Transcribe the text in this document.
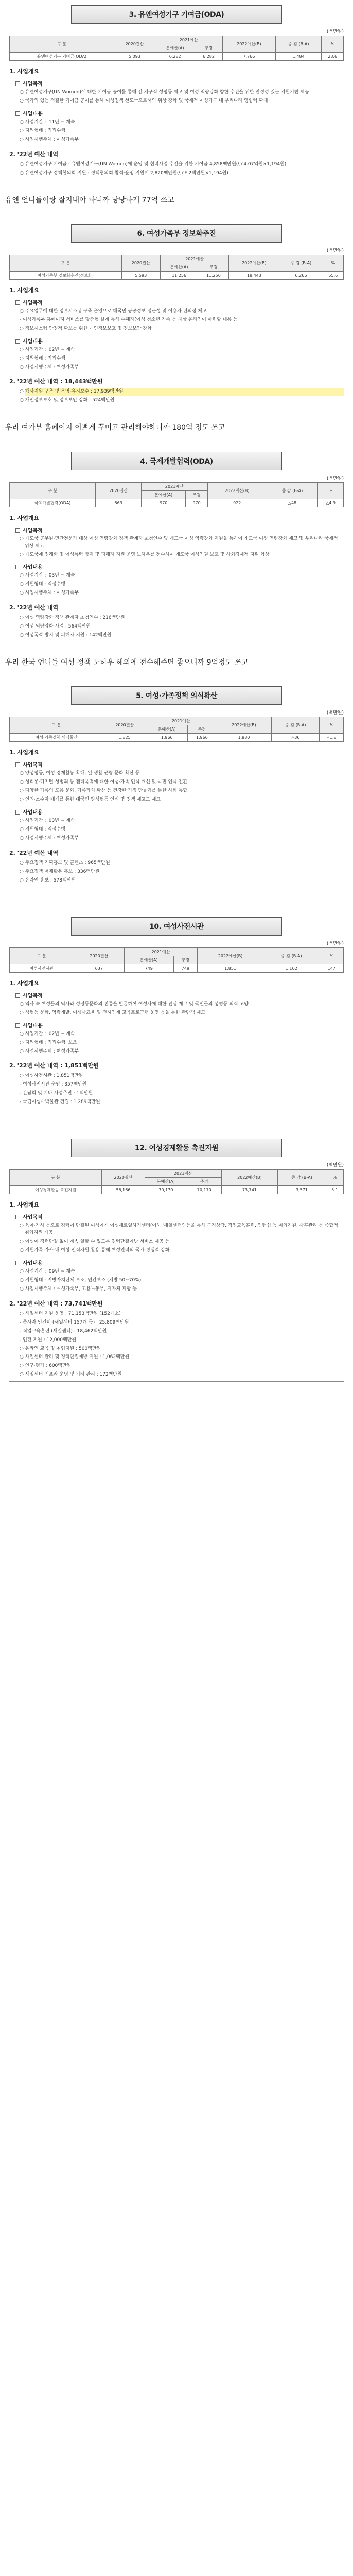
3. 유엔여성기구 기여금(ODA)
(백만원)
구 분	2020결산	2021예산		2022예산(B)	증 감 (B-A)	%
		본예산(A)	추경			
유엔여성기구 기여금(ODA)	5,093	6,282	6,282	7,766	1,484	23.6
1. 사업개요
사업목적
○ 유엔여성기구(UN Women)에 대한 기여금 공여를 통해 전 지구적 성평등 제고 및 여성 역량강화 향한 추진을 위한 안정성 있는 지원기반 제공
○ 국가의 있는 적절한 기여금 공여를 통해 여성정책 선도국으로서의 위상 강화 및 국제적 여성기구 내 우리나라 영향력 확대
사업내용
○ 사업기간 : '11년 ~ 계속
○ 지원형태 : 직접수행
○ 사업시행주체 : 여성가족부
2. '22년 예산 내역
○ 유엔여성기구 기여금 : 유엔여성기구(UN Women)에 운영 및 협력사업 추진을 위한 기여금 4,858백만원(\'\'4.07억원×1,194원)
○ 유엔여성기구 정책협의회 지원 : 정책협의회 참석·운영 지원비 2,820백만원(\'\'F 2백만원×1,194원)
유엔 언니들이랑 잘지내야 하니까 낭낭하게 77억 쓰고
6. 여성가족부 정보화추진
(백만원)
구 분	2020결산	2021예산		2022예산(B)	증 감 (B-A)	%
		본예산(A)	추경			
여성가족부 정보화추진(정보화)	5,593	11,256	11,256	18,443	6,266	55.6
1. 사업개요
사업목적
○ 주요업무에 대한 정보시스템 구축·운영으로 대국민 공공정보 접근성 및 이용자 편의성 제고
- 여성가족부 홈페이지 서비스를 맞춤형 설계 통해 수혜자(여성·청소년·가족 등 대상 온라인이 마련할 내용 등
○ 정보시스템 안정적 확보를 위한 개인정보보호 및 정보보안 강화
사업내용
○ 사업기간 : '02년 ~ 계속
○ 지원형태 : 직접수행
○ 사업시행주체 : 여성가족부
2. '22년 예산 내역 : 18,443백만원
○ 행사지원 구축 및 운영·유지보수 : 17,939백만원
○ 개인정보보호 및 정보보안 강화 : 524백만원
우리 여가부 홈페이지 이쁘게 꾸미고 관리해야하니까 180억 정도 쓰고
4. 국제개발협력(ODA)
(백만원)
구 분	2020결산	2021예산		2022예산(B)	증 감 (B-A)	%
		본예산(A)	추경			
국제개발협력(ODA)	563	970	970	922	△48	△4.9
1. 사업개요
사업목적
○ 개도국 공무원·민간전문가 대상 여성 역량강화 정책 관계자 초청연수 및 개도국 여성 역량강화 지원을 통하여 개도국 여성 역량강화 제고 및 우리나라 국제적 위상 제고
○ 개도국에 정례화 및 여성폭력 방지 및 피해자 지원 운영 노하우를 전수하여 개도국 여성인권 보호 및 사회경제적 지위 향상
사업내용
○ 사업기간 : '03년 ~ 계속
○ 지원형태 : 직접수행
○ 사업시행주체 : 여성가족부
2. '22년 예산 내역
○ 여성 역량강화 정책 관계자 초청연수 : 216백만원
○ 여성 역량강화 사업 : 564백만원
○ 여성폭력 방지 및 피해자 지원 : 142백만원
우리 한국 언니들 여성 정책 노하우 해외에 전수해주면 좋으니까 9억정도 쓰고
5. 여성·가족정책 의식확산
(백만원)
구 분	2020결산	2021예산		2022예산(B)	증 감 (B-A)	%
		본예산(A)	추경			
여성·가족정책 의식확산	1,825	1,966	1,966	1,930	△36	△1.8
1. 사업개요
사업목적
○ 양성평등, 여성 경제활동 확대, 일·생활 균형 문화 확산 등
○ 성희롱·디지털 성범죄 등 젠더폭력에 대한 여성·가족 인식 개선 및 국민 인식 전환
○ 다양한 가족의 포용 문화, 가족가치 확산 등 건강한 가정 만들기를 통한 사회 통합
○ 인권·소수자 배제를 통한 대국민 양성평등 인식 및 정책 제고도 제고
사업내용
○ 사업기간 : '03년 ~ 계속
○ 지원형태 : 직접수행
○ 사업시행주체 : 여성가족부
2. '22년 예산 내역
○ 주요정책 기획홍보 및 콘텐츠 : 965백만원
○ 주요정책 매체활용 홍보 : 336백만원
○ 온라인 홍보 : 578백만원
10. 여성사전시관
(백만원)
구 분	2020결산	2021예산		2022예산(B)	증 감 (B-A)	%
		본예산(A)	추경			
여성사전시관	637	749	749	1,851	1,102	147
1. 사업개요
사업목적
○ 역사 속 여성들의 역사와 성평등문화의 전통을 발굴하여 여성사에 대한 관심 제고 및 국민들의 성평등 의식 고양
○ 성평등 문화, 역량개발, 여성사교육 및 전시연계 교육프로그램 운영 등을 통한 관람객 제고
사업내용
○ 사업기간 : '02년 ~ 계속
○ 지원형태 : 직접수행, 보조
○ 사업시행주체 : 여성가족부
2. '22년 예산 내역 : 1,851백만원
○ 여성사전시관 : 1,851백만원
- 여성사전시관 운영 : 357백만원
- 간담회 및 기타 사업추진 : 1백만원
- 국립여성사박물관 건립 : 1,289백만원
12. 여성경제활동 촉진지원
(백만원)
구 분	2020결산	2021예산		2022예산(B)	증 감 (B-A)	%
		본예산(A)	추경			
여성경제활동 촉진지원	56,166	70,170	70,170	73,741	3,571	5.1
1. 사업개요
사업목적
○ 육아·가사 등으로 경력이 단절된 여성에게 여성새로일하기센터(이하 '새일센터') 등을 통해 구직상담, 직업교육훈련, 인턴십 등 취업지원, 사후관리 등 종합적 취업지원 제공
○ 여성이 경력단절 없이 계속 일할 수 있도록 경력단절예방 서비스 제공 등
○ 지원가족 가사 내 여성 인적자원 활용 통해 여성인력의 국가 경쟁력 강화
사업내용
○ 사업기간 : '09년 ~ 계속
○ 지원형태 : 지방자치단체 보조, 민간보조 (지방 50~70%)
○ 사업시행주체 : 여성가족부, 고용노동부, 지자체·지방 등
2. '22년 예산 내역 : 73,741백만원
○ 새일센터 지원 운영 : 71,153백만원 (152개소)
- 종사자 인건비 (새일센터 157개 등) : 25,809백만원
- 직업교육훈련 (새일센터) : 18,462백만원
- 인턴 지원 : 12,000백만원
○ 온라인 교육 및 취업지원 : 500백만원
○ 새일센터 관리 및 경력단절예방 지원 : 1,062백만원
○ 연구·평가 : 600백만원
○ 새일센터 인프라 운영 및 기타 관리 : 172백만원
